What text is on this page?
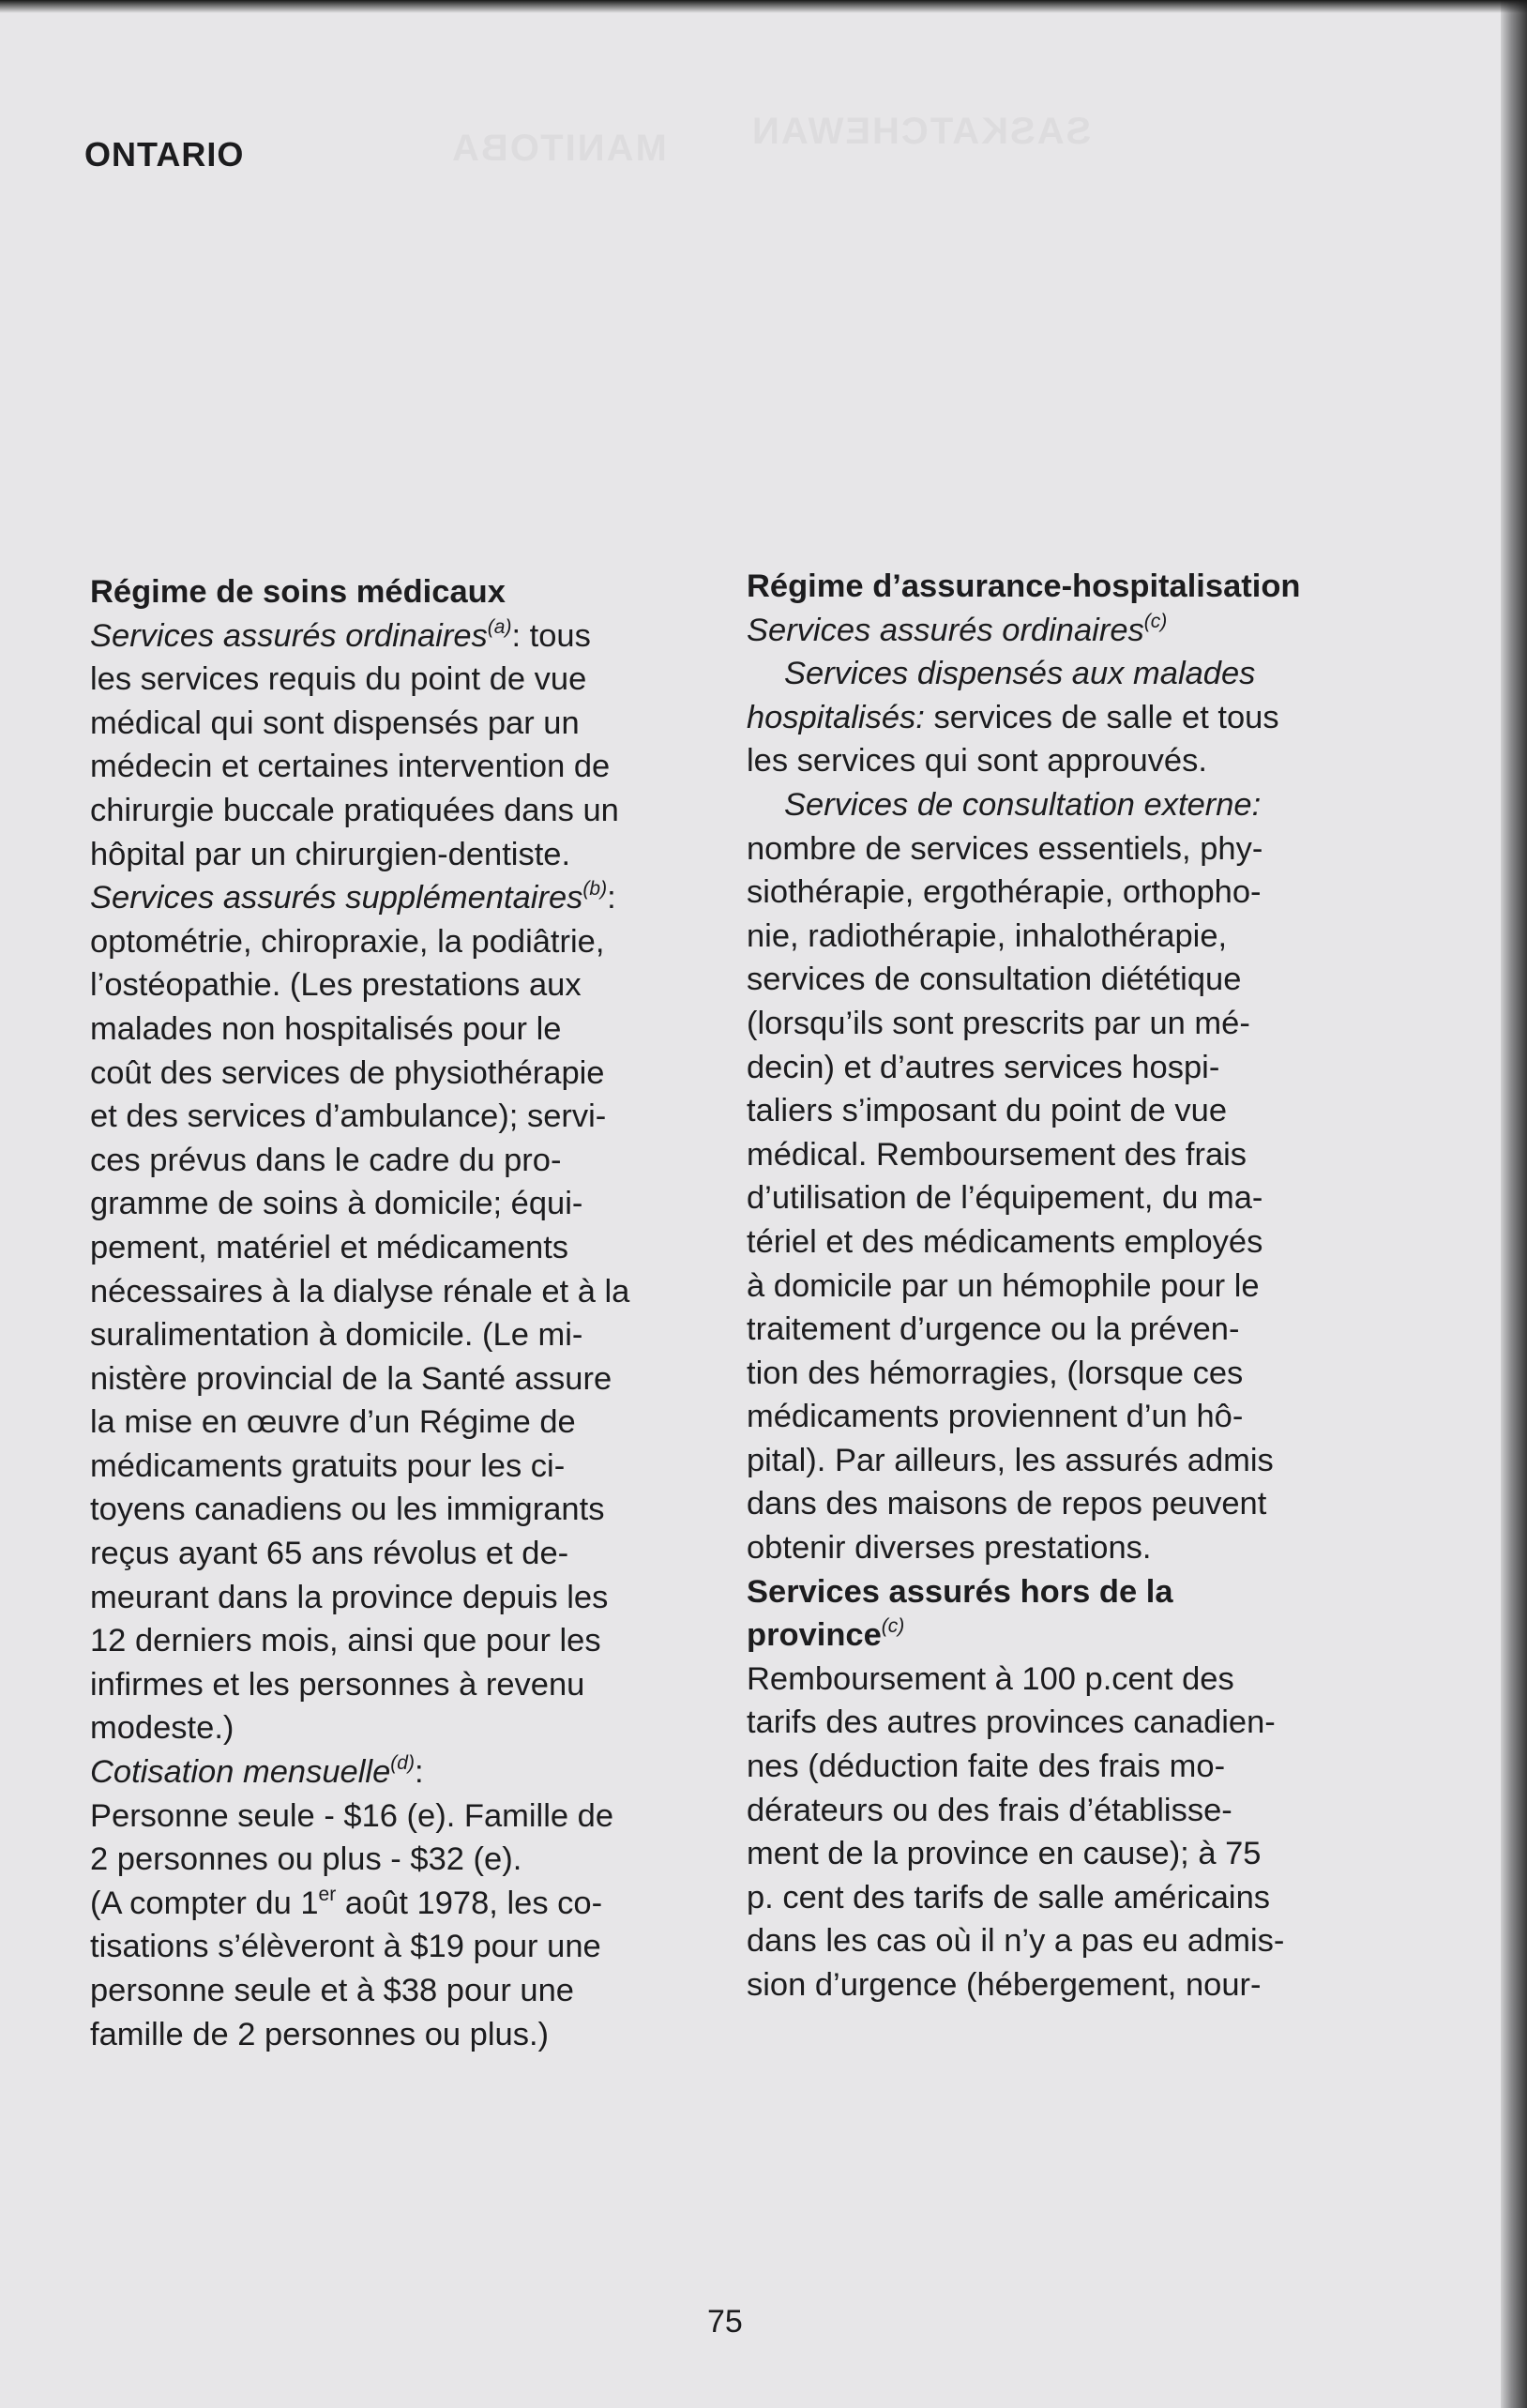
MANITOBA SASKATCHEWAN
ONTARIO
Régime de soins médicaux
Services assurés ordinaires$^{(a)}$: tous
les services requis du point de vue
médical qui sont dispensés par un
médecin et certaines intervention de
chirurgie buccale pratiquées dans un
hôpital par un chirurgien-dentiste.
Services assurés supplémentaires$^{(b)}$:
optométrie, chiropraxie, la podiâtrie,
l’ostéopathie. (Les prestations aux
malades non hospitalisés pour le
coût des services de physiothérapie
et des services d’ambulance); servi-
ces prévus dans le cadre du pro-
gramme de soins à domicile; équi-
pement, matériel et médicaments
nécessaires à la dialyse rénale et à la
suralimentation à domicile. (Le mi-
nistère provincial de la Santé assure
la mise en œuvre d’un Régime de
médicaments gratuits pour les ci-
toyens canadiens ou les immigrants
reçus ayant 65 ans révolus et de-
meurant dans la province depuis les
12 derniers mois, ainsi que pour les
infirmes et les personnes à revenu
modeste.)
Cotisation mensuelle$^{(d)}$:
Personne seule - $16 (e). Famille de
2 personnes ou plus - $32 (e).
(A compter du 1er août 1978, les co-
tisations s’élèveront à $19 pour une
personne seule et à $38 pour une
famille de 2 personnes ou plus.)
Régime d’assurance-hospitalisation
Services assurés ordinaires$^{(c)}$
Services dispensés aux malades
hospitalisés: services de salle et tous
les services qui sont approuvés.
Services de consultation externe:
nombre de services essentiels, phy-
siothérapie, ergothérapie, orthopho-
nie, radiothérapie, inhalothérapie,
services de consultation diététique
(lorsqu’ils sont prescrits par un mé-
decin) et d’autres services hospi-
taliers s’imposant du point de vue
médical. Remboursement des frais
d’utilisation de l’équipement, du ma-
tériel et des médicaments employés
à domicile par un hémophile pour le
traitement d’urgence ou la préven-
tion des hémorragies, (lorsque ces
médicaments proviennent d’un hô-
pital). Par ailleurs, les assurés admis
dans des maisons de repos peuvent
obtenir diverses prestations.
Services assurés hors de la
province$^{(c)}$
Remboursement à 100 p.cent des
tarifs des autres provinces canadien-
nes (déduction faite des frais mo-
dérateurs ou des frais d’établisse-
ment de la province en cause); à 75
p. cent des tarifs de salle américains
dans les cas où il n’y a pas eu admis-
sion d’urgence (hébergement, nour-
75
